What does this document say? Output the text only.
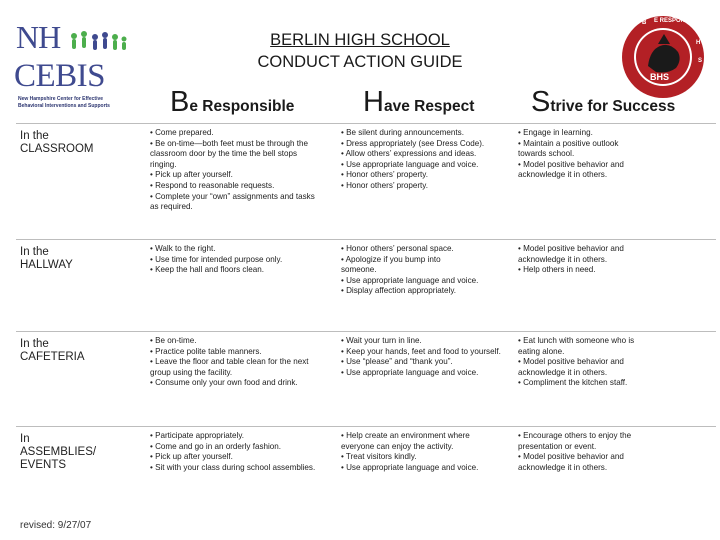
NH
CEBIS
New Hampshire Center for Effective Behavioral Interventions and Supports
BERLIN HIGH SCHOOL
CONDUCT ACTION GUIDE
B E RESPONSIBLE
H
S
BHS
Be Responsible Have Respect Strive for Success
In the
CLASSROOM
• Come prepared.
• Be on-time—both feet must be through the
classroom door by the time the bell stops
ringing.
• Pick up after yourself.
• Respond to reasonable requests.
• Complete your “own” assignments and tasks
as required.
• Be silent during announcements.
• Dress appropriately (see Dress Code).
• Allow others’ expressions and ideas.
• Use appropriate language and voice.
• Honor others’ property.
• Honor others’ property.
• Engage in learning.
• Maintain a positive outlook
towards school.
• Model positive behavior and
acknowledge it in others.
In the
HALLWAY
• Walk to the right.
• Use time for intended purpose only.
• Keep the hall and floors clean.
• Honor others’ personal space.
• Apologize if you bump into
someone.
• Use appropriate language and voice.
• Display affection appropriately.
• Model positive behavior and
acknowledge it in others.
• Help others in need.
In the
CAFETERIA
• Be on-time.
• Practice polite table manners.
• Leave the floor and table clean for the next
group using the facility.
• Consume only your own food and drink.
• Wait your turn in line.
• Keep your hands, feet and food to yourself.
• Use “please” and “thank you”.
• Use appropriate language and voice.
• Eat lunch with someone who is
eating alone.
• Model positive behavior and
acknowledge it in others.
• Compliment the kitchen staff.
In
ASSEMBLIES/
EVENTS
• Participate appropriately.
• Come and go in an orderly fashion.
• Pick up after yourself.
• Sit with your class during school assemblies.
• Help create an environment where
everyone can enjoy the activity.
• Treat visitors kindly.
• Use appropriate language and voice.
• Encourage others to enjoy the
presentation or event.
• Model positive behavior and
acknowledge it in others.
revised: 9/27/07
